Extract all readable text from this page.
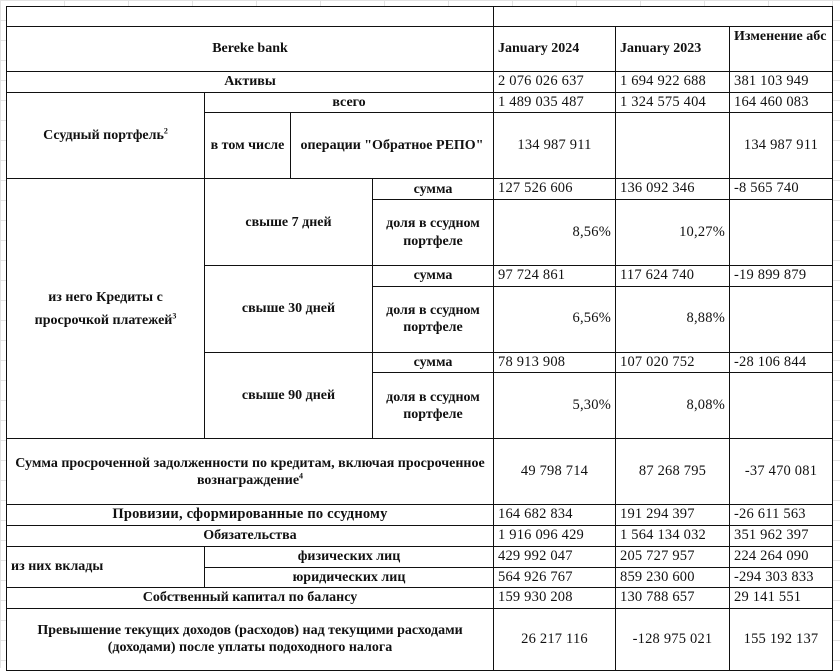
Bereke bank				January 2024	January 2023	Изменение абс	
Активы				2 076 026 637	1 694 922 688	381 103 949	
Ссудный портфель$^2$	всего			1 489 035 487	1 324 575 404	164 460 083	
	в том числе	операции "Обратное РЕПО"		134 987 911		134 987 911	
из него Кредиты с просрочкой платежей$^3$	свыше 7 дней		сумма	127 526 606	136 092 346	-8 565 740	
			доля в ссудном портфеле	8,56%	10,27%		
	свыше 30 дней		сумма	97 724 861	117 624 740	-19 899 879	
			доля в ссудном портфеле	6,56%	8,88%		
	свыше 90 дней		сумма	78 913 908	107 020 752	-28 106 844	
			доля в ссудном портфеле	5,30%	8,08%		
Сумма просроченной задолженности по кредитам, включая просроченное вознаграждение$^4$				49 798 714	87 268 795	-37 470 081	
Провизии, сформированные по ссудному				164 682 834	191 294 397	-26 611 563	
Обязательства				1 916 096 429	1 564 134 032	351 962 397	
из них вклады	физических лиц			429 992 047	205 727 957	224 264 090	
	юридических лиц			564 926 767	859 230 600	-294 303 833	
Собственный капитал по балансу				159 930 208	130 788 657	29 141 551	
Превышение текущих доходов (расходов) над текущими расходами (доходами) после уплаты подоходного налога				26 217 116	-128 975 021	155 192 137	
